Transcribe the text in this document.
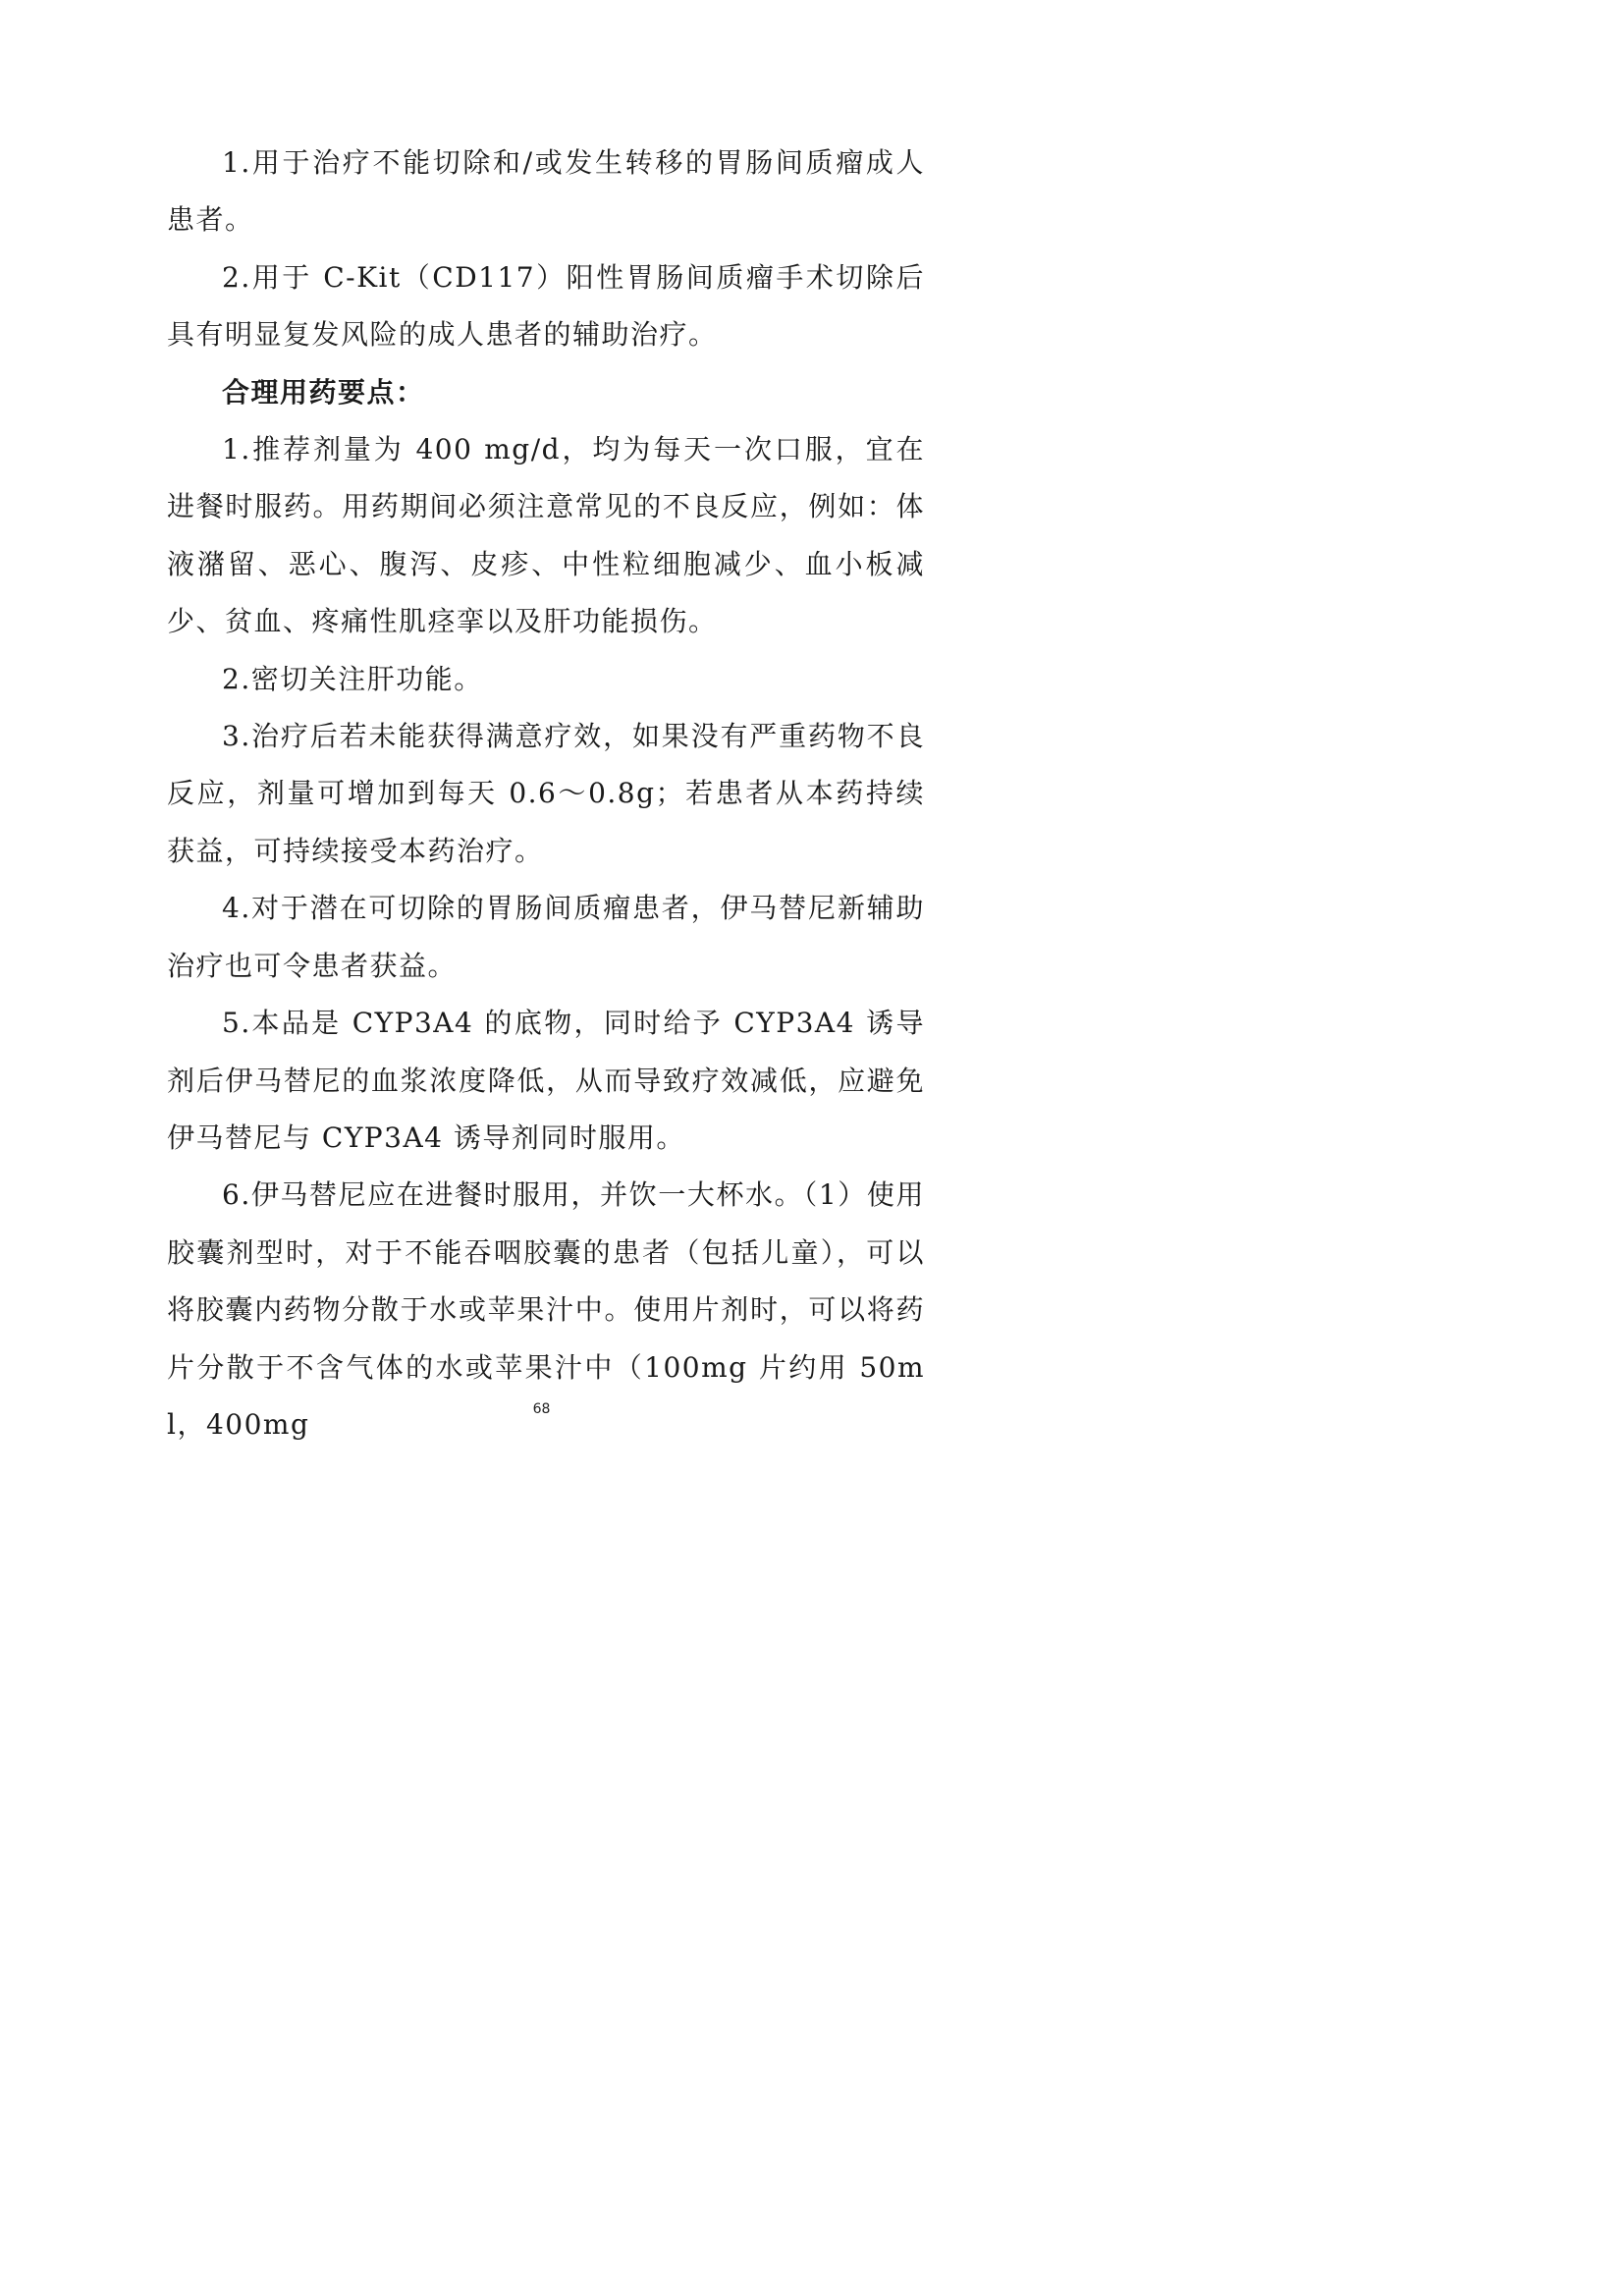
1.用于治疗不能切除和/或发生转移的胃肠间质瘤成人患者。

2.用于 C-Kit（CD117）阳性胃肠间质瘤手术切除后具有明显复发风险的成人患者的辅助治疗。

合理用药要点：

1.推荐剂量为 400 mg/d，均为每天一次口服，宜在进餐时服药。用药期间必须注意常见的不良反应，例如：体液潴留、恶心、腹泻、皮疹、中性粒细胞减少、血小板减少、贫血、疼痛性肌痉挛以及肝功能损伤。

2.密切关注肝功能。

3.治疗后若未能获得满意疗效，如果没有严重药物不良反应，剂量可增加到每天 0.6～0.8g；若患者从本药持续获益，可持续接受本药治疗。

4.对于潜在可切除的胃肠间质瘤患者，伊马替尼新辅助治疗也可令患者获益。

5.本品是 CYP3A4 的底物，同时给予 CYP3A4 诱导剂后伊马替尼的血浆浓度降低，从而导致疗效减低，应避免伊马替尼与 CYP3A4 诱导剂同时服用。

6.伊马替尼应在进餐时服用，并饮一大杯水。（1）使用胶囊剂型时，对于不能吞咽胶囊的患者（包括儿童），可以将胶囊内药物分散于水或苹果汁中。使用片剂时，可以将药片分散于不含气体的水或苹果汁中（100mg 片约用 50ml，400mg	68
